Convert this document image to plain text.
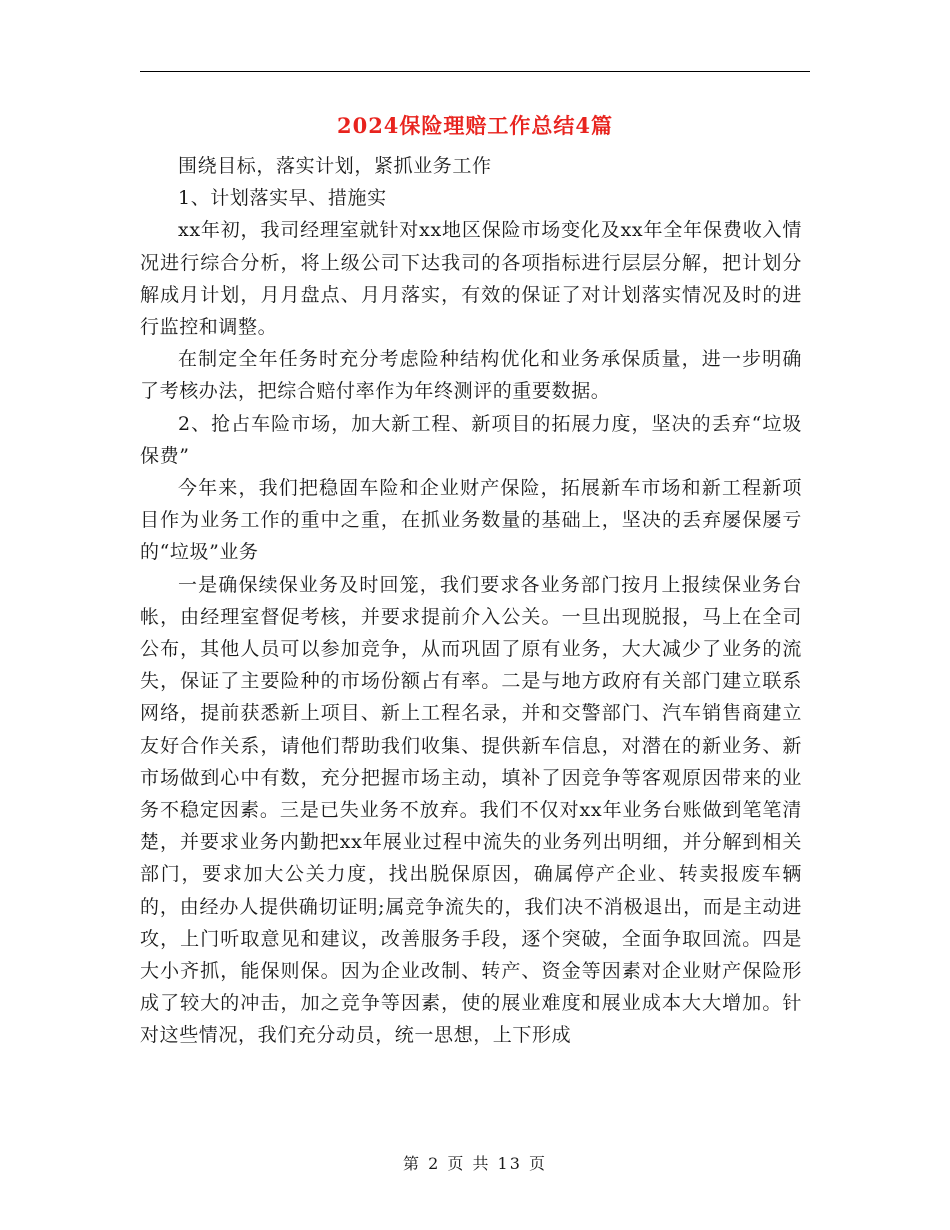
2024保险理赔工作总结4篇

围绕目标，落实计划，紧抓业务工作

1、计划落实早、措施实

xx年初，我司经理室就针对xx地区保险市场变化及xx年全年保费收入情况进行综合分析，将上级公司下达我司的各项指标进行层层分解，把计划分解成月计划，月月盘点、月月落实，有效的保证了对计划落实情况及时的进行监控和调整。

在制定全年任务时充分考虑险种结构优化和业务承保质量，进一步明确了考核办法，把综合赔付率作为年终测评的重要数据。

2、抢占车险市场，加大新工程、新项目的拓展力度，坚决的丢弃“垃圾保费”

今年来，我们把稳固车险和企业财产保险，拓展新车市场和新工程新项目作为业务工作的重中之重，在抓业务数量的基础上，坚决的丢弃屡保屡亏的“垃圾”业务

一是确保续保业务及时回笼，我们要求各业务部门按月上报续保业务台帐，由经理室督促考核，并要求提前介入公关。一旦出现脱报，马上在全司公布，其他人员可以参加竞争，从而巩固了原有业务，大大减少了业务的流失，保证了主要险种的市场份额占有率。二是与地方政府有关部门建立联系网络，提前获悉新上项目、新上工程名录，并和交警部门、汽车销售商建立友好合作关系，请他们帮助我们收集、提供新车信息，对潜在的新业务、新市场做到心中有数，充分把握市场主动，填补了因竞争等客观原因带来的业务不稳定因素。三是已失业务不放弃。我们不仅对xx年业务台账做到笔笔清楚，并要求业务内勤把xx年展业过程中流失的业务列出明细，并分解到相关部门，要求加大公关力度，找出脱保原因，确属停产企业、转卖报废车辆的，由经办人提供确切证明;属竞争流失的，我们决不消极退出，而是主动进攻，上门听取意见和建议，改善服务手段，逐个突破，全面争取回流。四是大小齐抓，能保则保。因为企业改制、转产、资金等因素对企业财产保险形成了较大的冲击，加之竞争等因素，使的展业难度和展业成本大大增加。针对这些情况，我们充分动员，统一思想，上下形成

第 2 页 共 13 页
